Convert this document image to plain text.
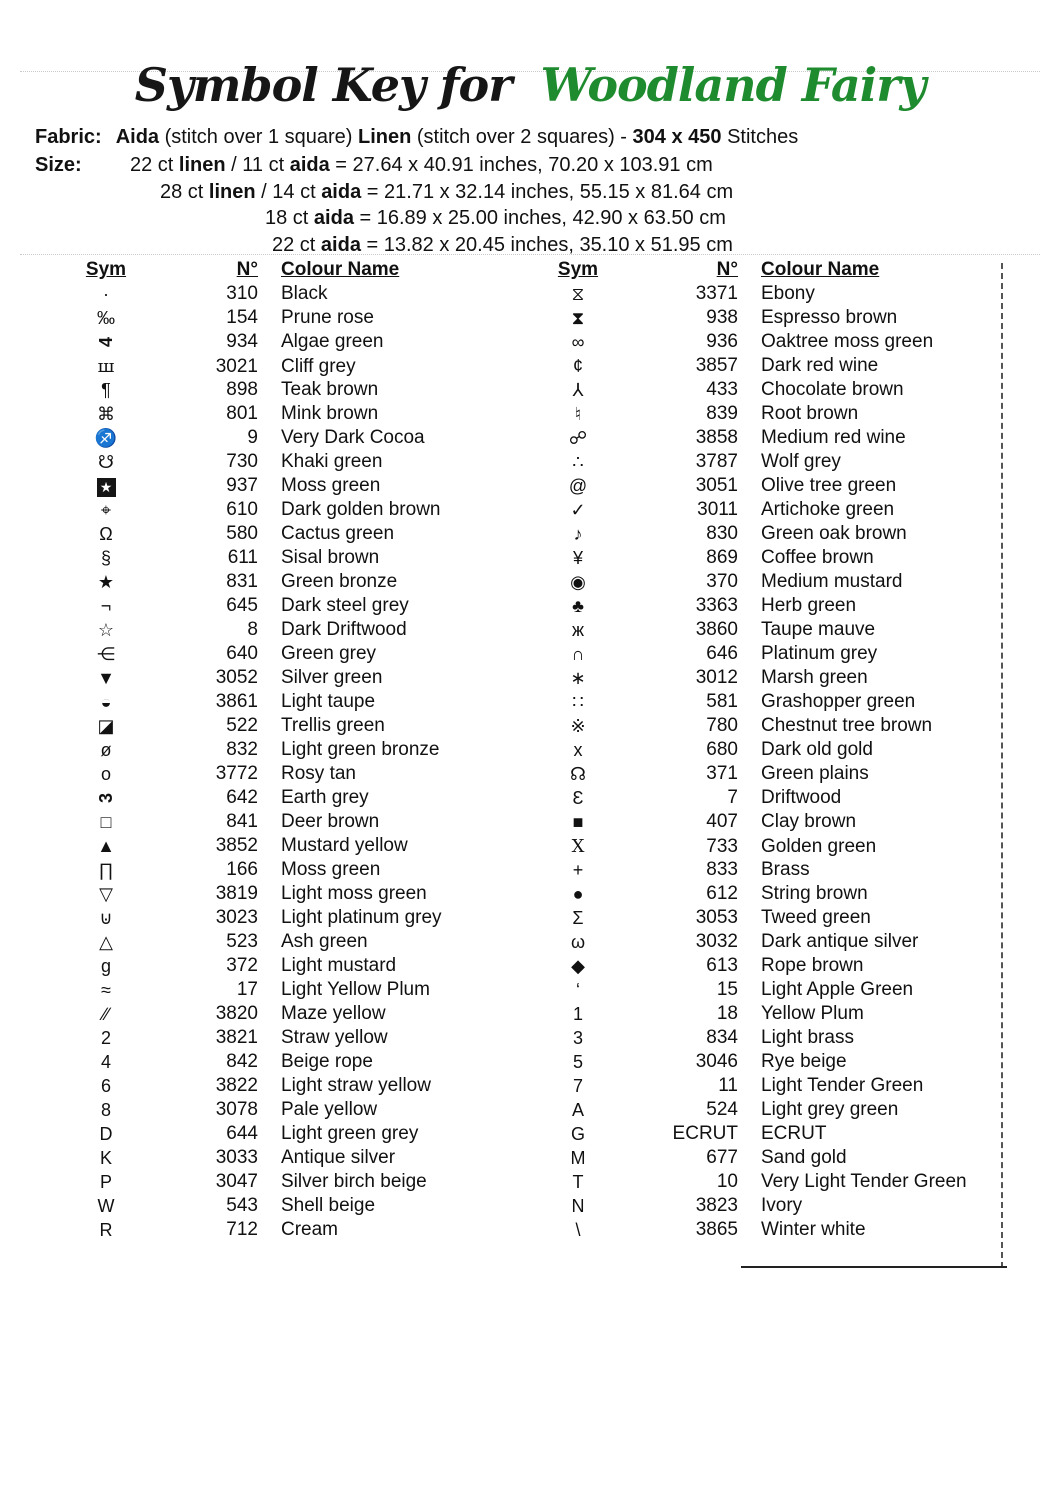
Symbol Key for Woodland Fairy
Fabric: Aida (stitch over 1 square) Linen (stitch over 2 squares) - 304 x 450 Stitches
Size:	22 ct linen / 11 ct aida = 27.64 x 40.91 inches, 70.20 x 103.91 cm
28 ct linen / 14 ct aida = 21.71 x 32.14 inches, 55.15 x 81.64 cm
18 ct aida = 16.89 x 25.00 inches, 42.90 x 63.50 cm
22 ct aida = 13.82 x 20.45 inches, 35.10 x 51.95 cm
Sym	N°	Colour Name
·	310	Black
‰	154	Prune rose
4	934	Algae green
ш	3021	Cliff grey
¶	898	Teak brown
⌘	801	Mink brown
♐	9	Very Dark Cocoa
☋	730	Khaki green
★	937	Moss green
⌖	610	Dark golden brown
Ω	580	Cactus green
§	611	Sisal brown
★	831	Green bronze
¬	645	Dark steel grey
☆	8	Dark Driftwood
⋲	640	Green grey
▼	3052	Silver green
◒	3861	Light taupe
◪	522	Trellis green
ø	832	Light green bronze
o	3772	Rosy tan
3	642	Earth grey
□	841	Deer brown
▲	3852	Mustard yellow
∏	166	Moss green
▽	3819	Light moss green
⊍	3023	Light platinum grey
△	523	Ash green
g	372	Light mustard
≈	17	Light Yellow Plum
∕∕	3820	Maze yellow
2	3821	Straw yellow
4	842	Beige rope
6	3822	Light straw yellow
8	3078	Pale yellow
D	644	Light green grey
K	3033	Antique silver
P	3047	Silver birch beige
W	543	Shell beige
R	712	Cream
Sym	N°	Colour Name
⧖	3371	Ebony
⧗	938	Espresso brown
∞	936	Oaktree moss green
¢	3857	Dark red wine
⅄	433	Chocolate brown
♮	839	Root brown
☍	3858	Medium red wine
∴	3787	Wolf grey
@	3051	Olive tree green
✓	3011	Artichoke green
♪	830	Green oak brown
¥	869	Coffee brown
◉	370	Medium mustard
♣	3363	Herb green
ж	3860	Taupe mauve
∩	646	Platinum grey
∗	3012	Marsh green
∷	581	Grashopper green
※	780	Chestnut tree brown
x	680	Dark old gold
☊	371	Green plains
Ɛ	7	Driftwood
■	407	Clay brown
Ⅹ	733	Golden green
+	833	Brass
●	612	String brown
Σ	3053	Tweed green
ω	3032	Dark antique silver
◆	613	Rope brown
‘	15	Light Apple Green
1	18	Yellow Plum
3	834	Light brass
5	3046	Rye beige
7	11	Light Tender Green
A	524	Light grey green
G	ECRUT	ECRUT
M	677	Sand gold
T	10	Very Light Tender Green
N	3823	Ivory
\	3865	Winter white
